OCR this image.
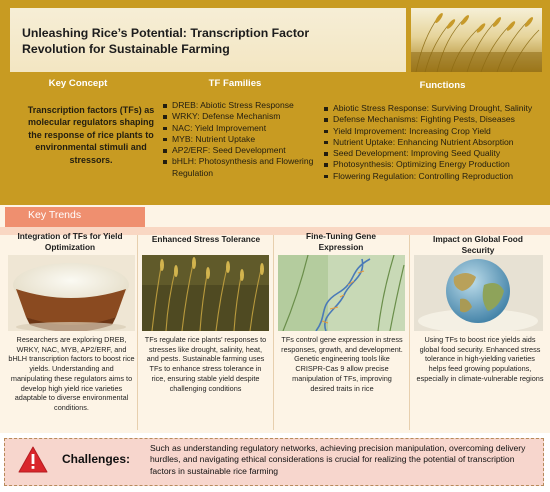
Unleashing Rice’s Potential: Transcription Factor
Revolution for Sustainable Farming
Key Concept	TF Families	Functions
Transcription factors (TFs) as molecular regulators shaping the response of rice plants to environmental stimuli and stressors.
DREB: Abiotic Stress Response
WRKY: Defense Mechanism
NAC: Yield Improvement
MYB: Nutrient Uptake
AP2/ERF: Seed Development
bHLH: Photosynthesis and Flowering Regulation
Abiotic Stress Response: Surviving Drought, Salinity
Defense Mechanisms: Fighting Pests, Diseases
Yield Improvement: Increasing Crop Yield
Nutrient Uptake: Enhancing Nutrient Absorption
Seed Development: Improving Seed Quality
Photosynthesis: Optimizing Energy Production
Flowering Regulation: Controlling Reproduction
Key Trends
Integration of TFs for Yield Optimization
Researchers are exploring DREB, WRKY, NAC, MYB, AP2/ERF, and bHLH transcription factors to boost rice yields. Understanding and manipulating these regulators aims to develop high yield rice varieties adaptable to diverse environmental conditions.
Enhanced Stress Tolerance
TFs regulate rice plants’ responses to stresses like drought, salinity, heat, and pests. Sustainable farming uses TFs to enhance stress tolerance in rice, ensuring stable yield despite challenging conditions
Fine-Tuning Gene Expression
TFs control gene expression in stress responses, growth, and development. Genetic engineering tools like CRISPR-Cas 9 allow precise manipulation of TFs, improving desired traits in rice
Impact on Global Food Security
Using TFs to boost rice yields aids global food security. Enhanced stress tolerance in high-yielding varieties helps feed growing populations, especially in climate-vulnerable regions
Challenges:
Such as understanding regulatory networks, achieving precision manipulation, overcoming delivery hurdles, and navigating ethical considerations is crucial for realizing the potential of transcription factors in sustainable rice farming
